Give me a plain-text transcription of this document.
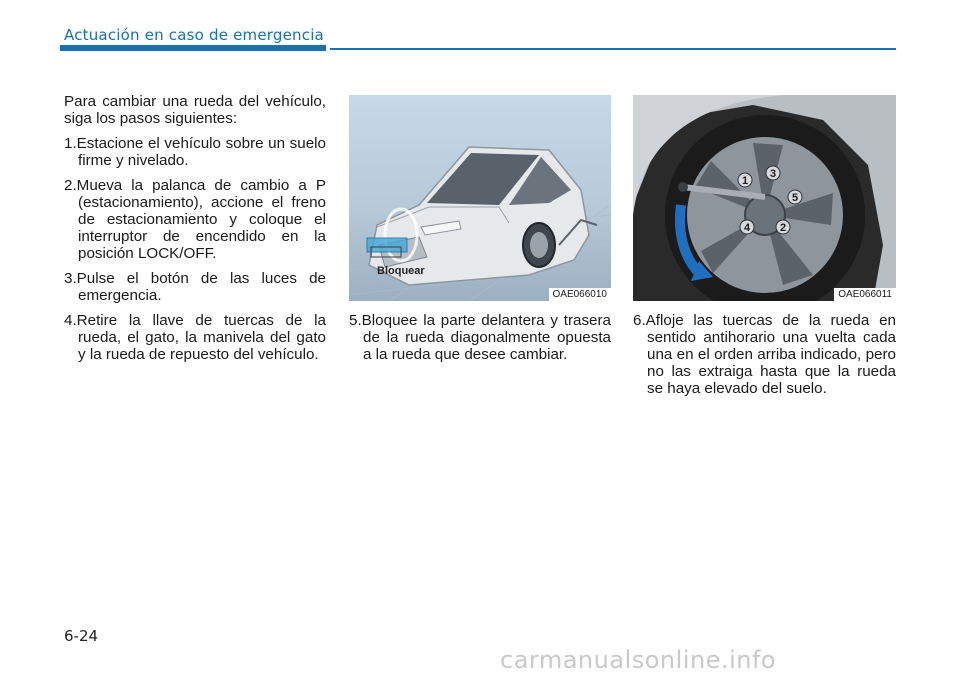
Actuación en caso de emergencia

Para cambiar una rueda del vehículo, siga los pasos siguientes:

1.Estacione el vehículo sobre un suelo firme y nivelado.
2.Mueva la palanca de cambio a P (estacionamiento), accione el freno de estacionamiento y coloque el interruptor de encendido en la posición LOCK/OFF.
3.Pulse el botón de las luces de emergencia.
4.Retire la llave de tuercas de la rueda, el gato, la manivela del gato y la rueda de repuesto del vehículo.
Bloquear
OAE066010
5.Bloquee la parte delantera y trasera de la rueda diagonalmente opuesta a la rueda que desee cambiar.
1
2
3
4
5
OAE066011
6.Afloje las tuercas de la rueda en sentido antihorario una vuelta cada una en el orden arriba indicado, pero no las extraiga hasta que la rueda se haya elevado del suelo.
6-24
carmanualsonline.info
